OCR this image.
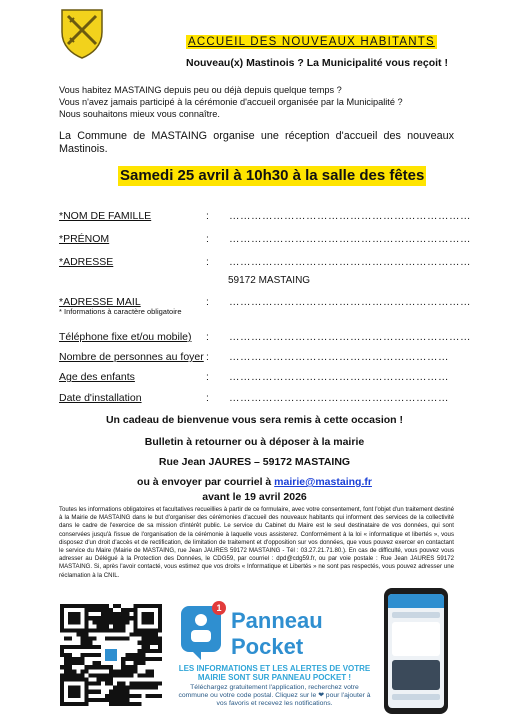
ACCUEIL DES NOUVEAUX HABITANTS
Nouveau(x) Mastinois ? La Municipalité vous reçoit !
Vous habitez MASTAING depuis peu ou déjà depuis quelque temps ?
Vous n'avez jamais participé à la cérémonie d'accueil organisée par la Municipalité ?
Nous souhaitons mieux vous connaître.
La Commune de MASTAING organise une réception d'accueil des nouveaux Mastinois.
Samedi 25 avril à 10h30 à la salle des fêtes
*NOM DE FAMILLE	: …………………………………………………………
*PRÉNOM	: …………………………………………………………
*ADRESSE	: …………………………………………………………
59172 MASTAING
*ADRESSE MAIL	: …………………………………………………………
* Informations à caractère obligatoire
Téléphone fixe et/ou mobile) : …………………………………………………………
Nombre de personnes au foyer : ……………………………………………………
Age des enfants	: ……………………………………………………
Date d'installation	: ……………………………………………………
Un cadeau de bienvenue vous sera remis à cette occasion !
Bulletin à retourner ou à déposer à la mairie
Rue Jean JAURES – 59172 MASTAING
ou à envoyer par courriel à mairie@mastaing.fr
avant le 19 avril 2026
Toutes les informations obligatoires et facultatives recueillies à partir de ce formulaire, avec votre consentement, font l'objet d'un traitement destiné à la Mairie de MASTAING dans le but d'organiser des cérémonies d'accueil des nouveaux habitants qui informent des services de la collectivité dans le cadre de l'exercice de sa mission d'intérêt public. Le service du Cabinet du Maire est le seul destinataire de vos données, qui sont conservées jusqu'à l'issue de l'organisation de la cérémonie à laquelle vous assisterez. Conformément à la loi « informatique et libertés », vous disposez d'un droit d'accès et de rectification, de limitation de traitement et d'opposition sur vos données, que vous pouvez exercer en contactant le service du Maire (Mairie de MASTAING, rue Jean JAURES 59172 MASTAING - Tél : 03.27.21.71.80.). En cas de difficulté, vous pouvez vous adresser au Délégué à la Protection des Données, le CDG59, par courriel : dpd@cdg59.fr, ou par voie postale : Rue Jean JAURES 59172 MASTAING. Si, après l'avoir contacté, vous estimez que vos droits « Informatique et Libertés » ne sont pas respectés, vous pouvez adresser une réclamation à la CNIL.
1 Panneau
Pocket
LES INFORMATIONS ET LES ALERTES DE VOTRE MAIRIE SONT SUR PANNEAU POCKET !
Téléchargez gratuitement l'application, recherchez votre commune ou votre code postal. Cliquez sur le ❤ pour l'ajouter à vos favoris et recevez les notifications.
